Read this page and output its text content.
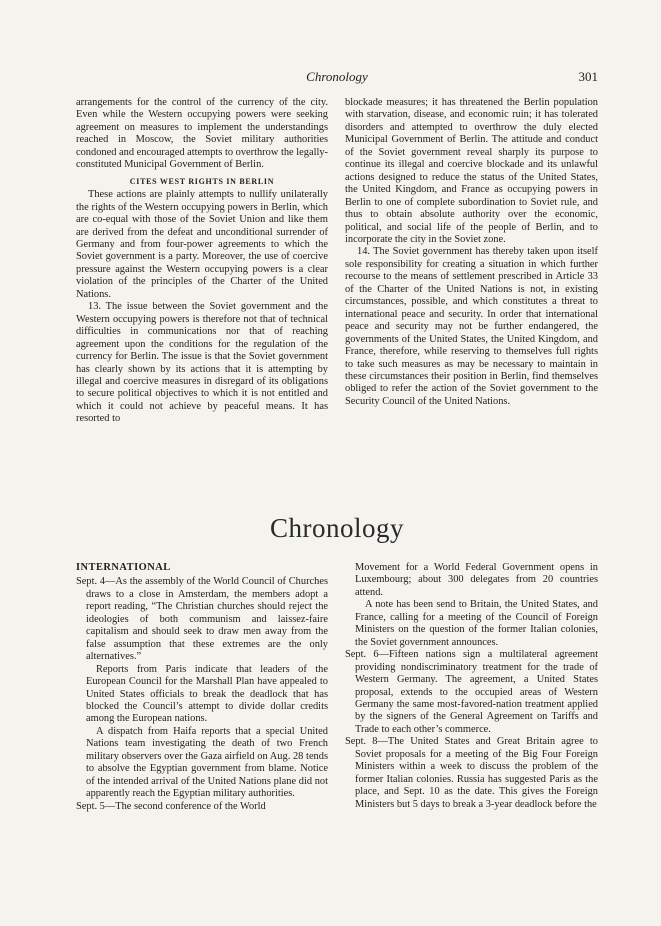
Chronology	301

arrangements for the control of the currency of the city. Even while the Western occupying powers were seeking agreement on measures to implement the understandings reached in Moscow, the Soviet military authorities condoned and encouraged attempts to overthrow the legally-constituted Municipal Government of Berlin.

CITES WEST RIGHTS IN BERLIN

These actions are plainly attempts to nullify unilaterally the rights of the Western occupying powers in Berlin, which are co-equal with those of the Soviet Union and like them are derived from the defeat and unconditional surrender of Germany and from four-power agreements to which the Soviet government is a party. Moreover, the use of coercive pressure against the Western occupying powers is a clear violation of the principles of the Charter of the United Nations.

13. The issue between the Soviet government and the Western occupying powers is therefore not that of technical difficulties in communications nor that of reaching agreement upon the conditions for the regulation of the currency for Berlin. The issue is that the Soviet government has clearly shown by its actions that it is attempting by illegal and coercive measures in disregard of its obligations to secure political objectives to which it is not entitled and which it could not achieve by peaceful means. It has resorted to

blockade measures; it has threatened the Berlin population with starvation, disease, and economic ruin; it has tolerated disorders and attempted to overthrow the duly elected Municipal Government of Berlin. The attitude and conduct of the Soviet government reveal sharply its purpose to continue its illegal and coercive blockade and its unlawful actions designed to reduce the status of the United States, the United Kingdom, and France as occupying powers in Berlin to one of complete subordination to Soviet rule, and thus to obtain absolute authority over the economic, political, and social life of the people of Berlin, and to incorporate the city in the Soviet zone.

14. The Soviet government has thereby taken upon itself sole responsibility for creating a situation in which further recourse to the means of settlement prescribed in Article 33 of the Charter of the United Nations is not, in existing circumstances, possible, and which constitutes a threat to international peace and security. In order that international peace and security may not be further endangered, the governments of the United States, the United Kingdom, and France, therefore, while reserving to themselves full rights to take such measures as may be necessary to maintain in these circumstances their position in Berlin, find themselves obliged to refer the action of the Soviet government to the Security Council of the United Nations.

Chronology
INTERNATIONAL

Sept. 4—As the assembly of the World Council of Churches draws to a close in Amsterdam, the members adopt a report reading, “The Christian churches should reject the ideologies of both communism and laissez-faire capitalism and should seek to draw men away from the false assumption that these extremes are the only alternatives.”

Reports from Paris indicate that leaders of the European Council for the Marshall Plan have appealed to United States officials to break the deadlock that has blocked the Council’s attempt to divide dollar credits among the European nations.

A dispatch from Haifa reports that a special United Nations team investigating the death of two French military observers over the Gaza airfield on Aug. 28 tends to absolve the Egyptian government from blame. Notice of the intended arrival of the United Nations plane did not apparently reach the Egyptian military authorities.

Sept. 5—The second conference of the World

Movement for a World Federal Government opens in Luxembourg; about 300 delegates from 20 countries attend.

A note has been send to Britain, the United States, and France, calling for a meeting of the Council of Foreign Ministers on the question of the former Italian colonies, the Soviet government announces.

Sept. 6—Fifteen nations sign a multilateral agreement providing nondiscriminatory treatment for the trade of Western Germany. The agreement, a United States proposal, extends to the occupied areas of Western Germany the same most-favored-nation treatment applied by the signers of the General Agreement on Tariffs and Trade to each other’s commerce.

Sept. 8—The United States and Great Britain agree to Soviet proposals for a meeting of the Big Four Foreign Ministers within a week to discuss the problem of the former Italian colonies. Russia has suggested Paris as the place, and Sept. 10 as the date. This gives the Foreign Ministers but 5 days to break a 3-year deadlock before the
